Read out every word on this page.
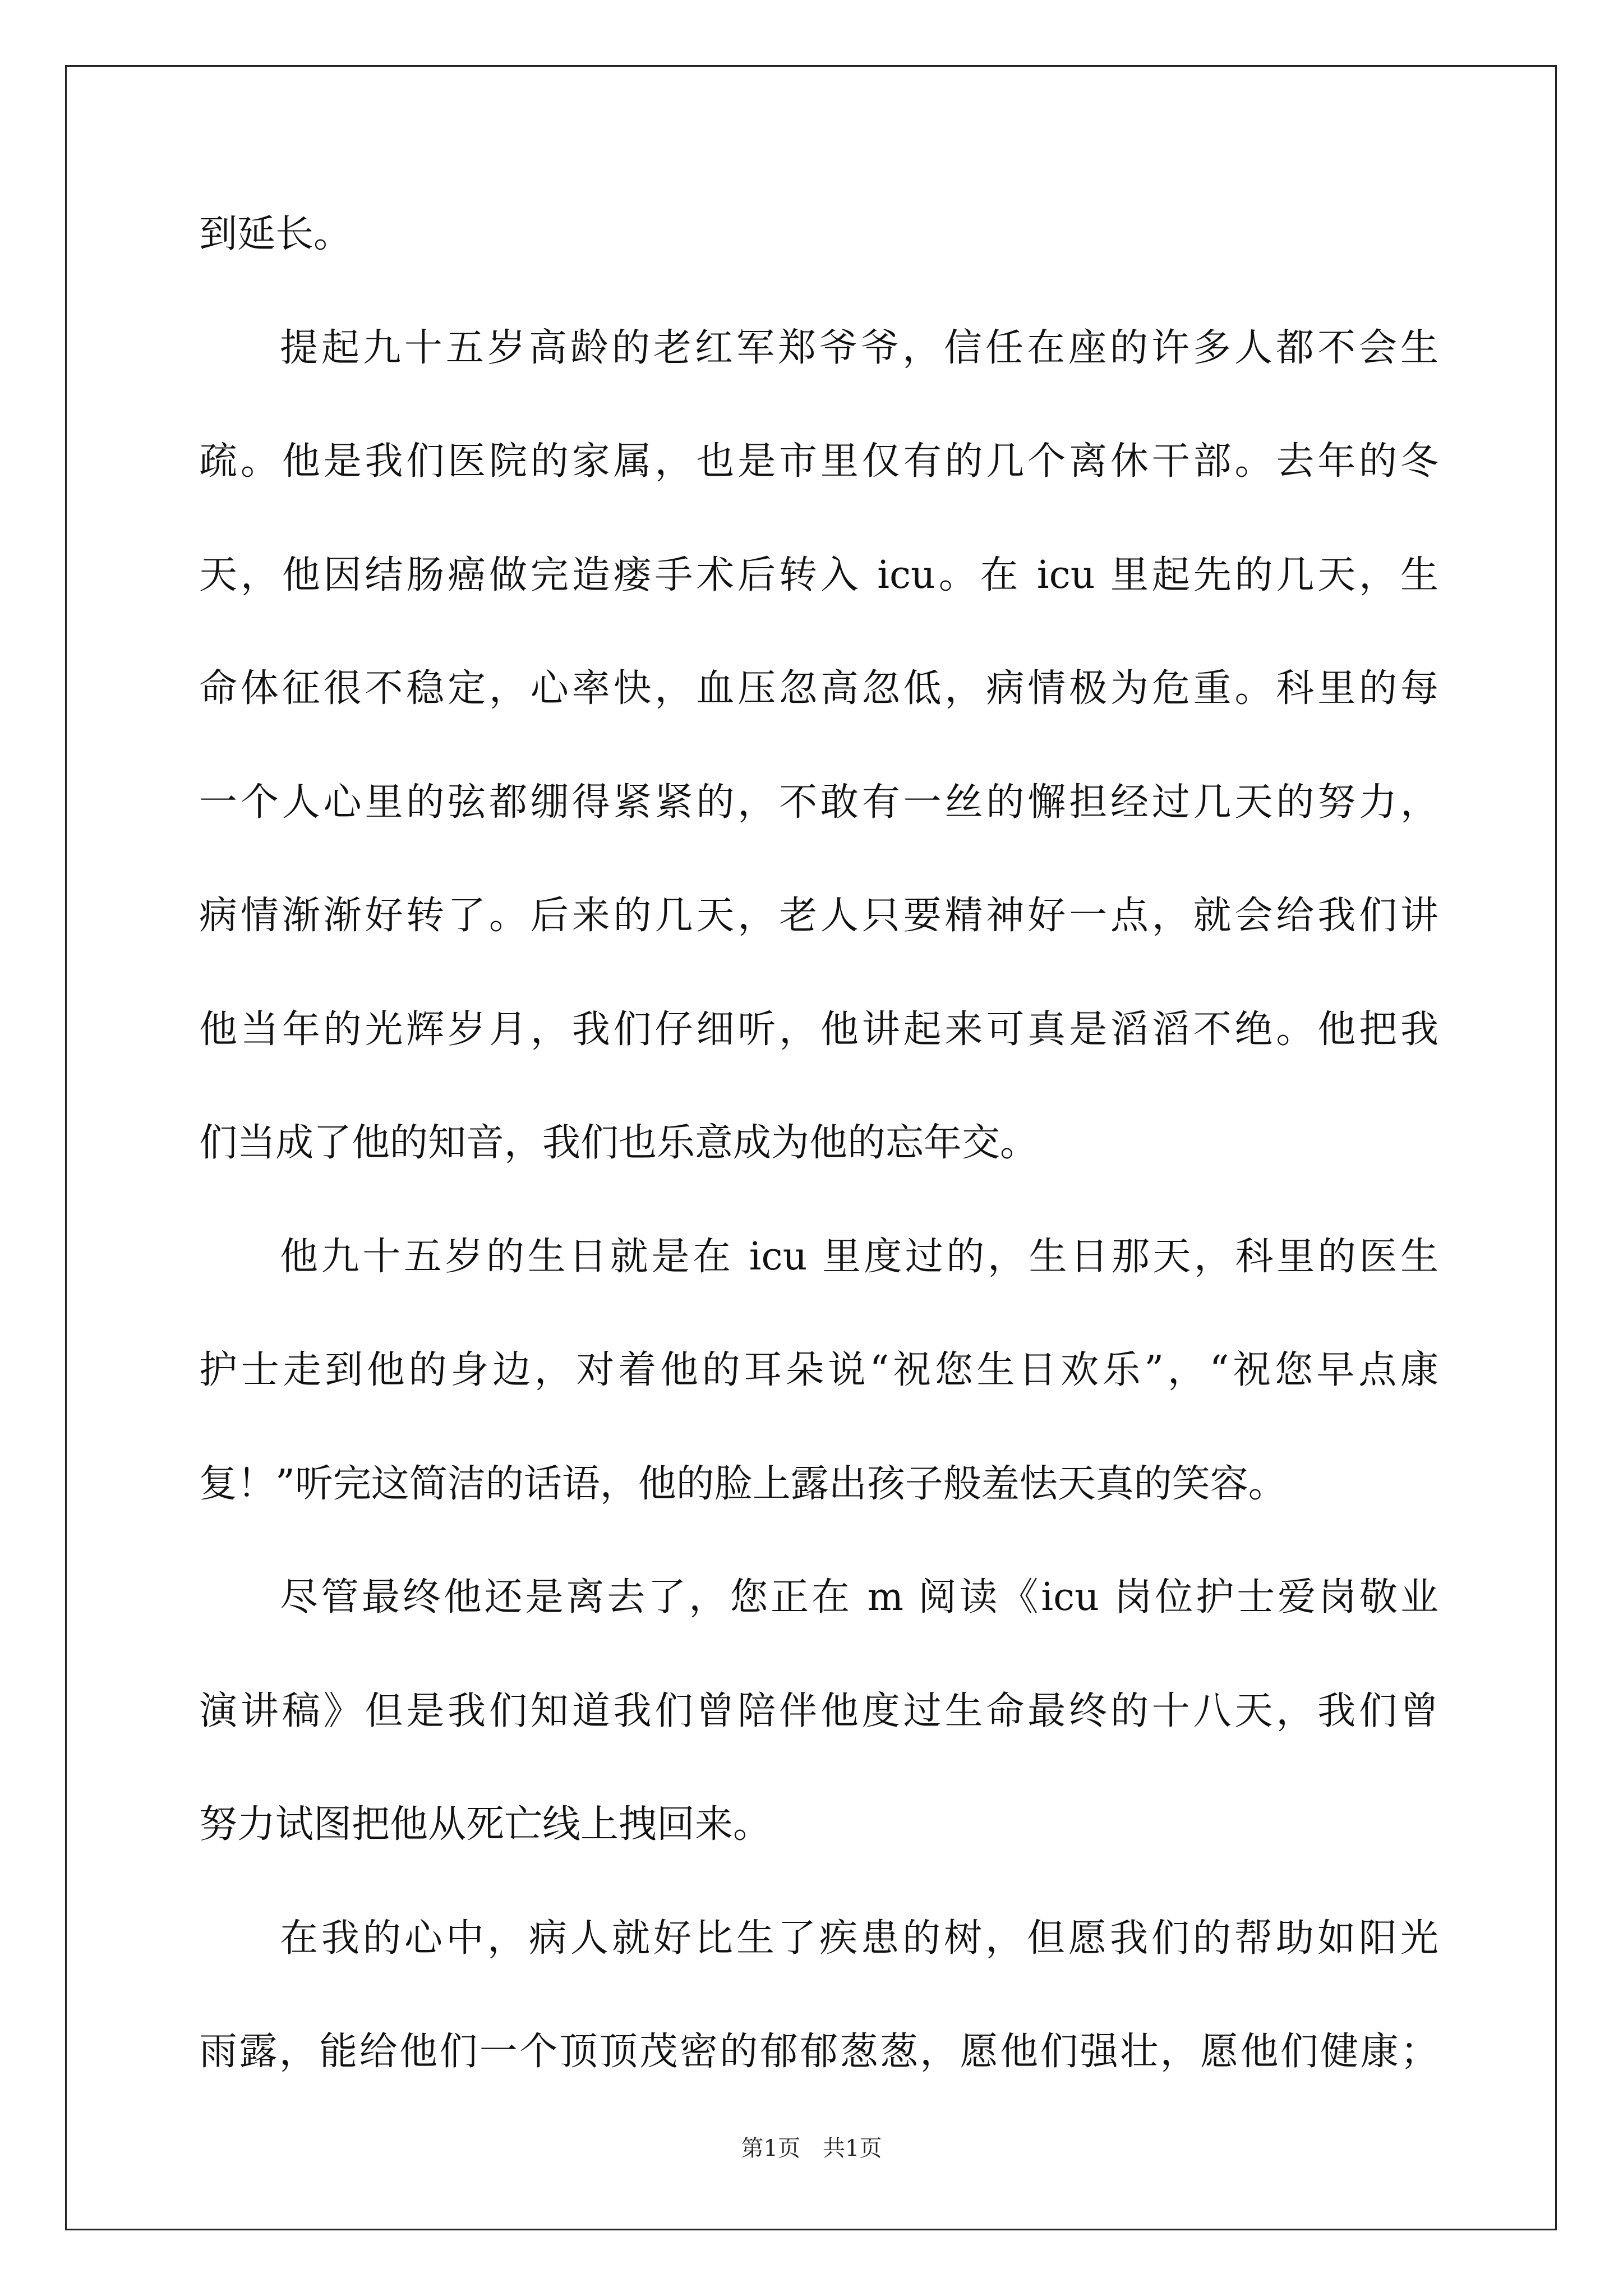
到延长。
提起九十五岁高龄的老红军郑爷爷，信任在座的许多人都不会生
疏。他是我们医院的家属，也是市里仅有的几个离休干部。去年的冬
天，他因结肠癌做完造瘘手术后转入 icu。在 icu 里起先的几天，生
命体征很不稳定，心率快，血压忽高忽低，病情极为危重。科里的每
一个人心里的弦都绷得紧紧的，不敢有一丝的懈担经过几天的努力，
病情渐渐好转了。后来的几天，老人只要精神好一点，就会给我们讲
他当年的光辉岁月，我们仔细听，他讲起来可真是滔滔不绝。他把我
们当成了他的知音，我们也乐意成为他的忘年交。
他九十五岁的生日就是在 icu 里度过的，生日那天，科里的医生
护士走到他的身边，对着他的耳朵说“祝您生日欢乐”，“祝您早点康
复！”听完这简洁的话语，他的脸上露出孩子般羞怯天真的笑容。
尽管最终他还是离去了，您正在 m 阅读《icu 岗位护士爱岗敬业
演讲稿》但是我们知道我们曾陪伴他度过生命最终的十八天，我们曾
努力试图把他从死亡线上拽回来。
在我的心中，病人就好比生了疾患的树，但愿我们的帮助如阳光
雨露，能给他们一个顶顶茂密的郁郁葱葱，愿他们强壮，愿他们健康；
第1页 共1页
